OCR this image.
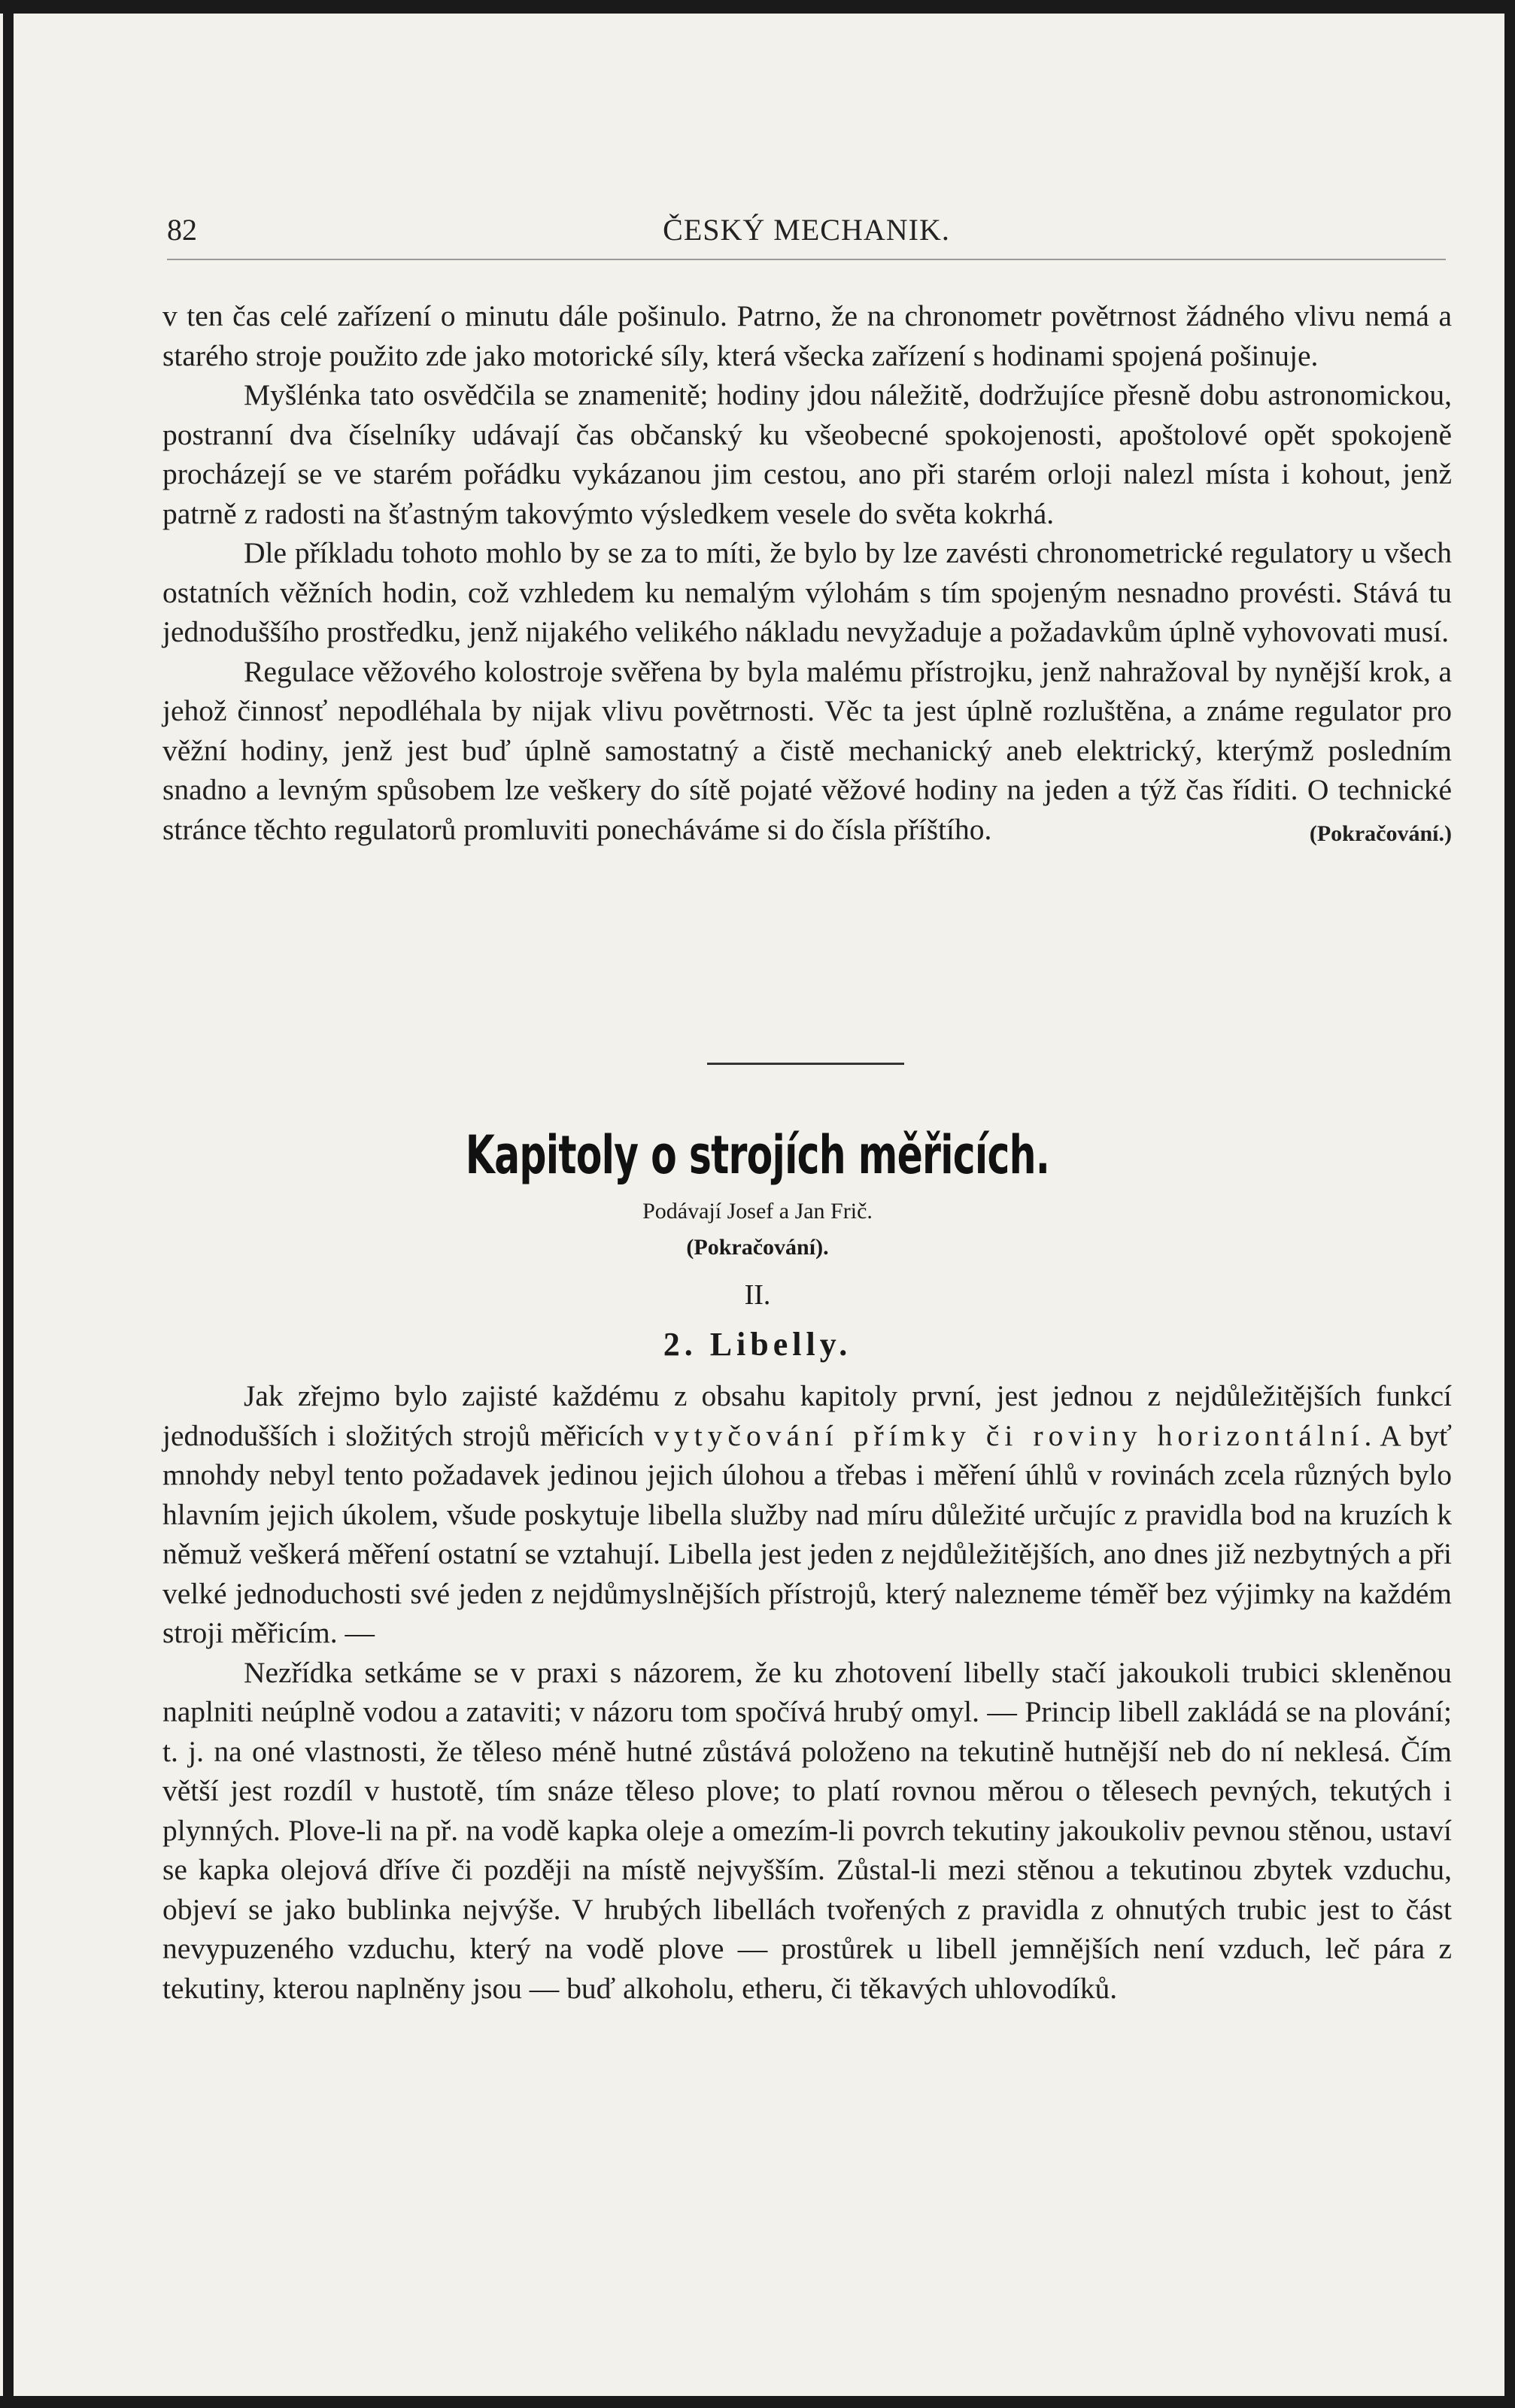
82	ČESKÝ MECHANIK.

v ten čas celé zařízení o minutu dále pošinulo. Patrno, že na chronometr povětrnost žádného vlivu nemá a starého stroje použito zde jako motorické síly, která všecka zařízení s hodinami spojená pošinuje.

Myšlénka tato osvědčila se znamenitě; hodiny jdou náležitě, dodržujíce přesně dobu astronomickou, postranní dva číselníky udávají čas občanský ku všeobecné spokojenosti, apoštolové opět spokojeně procházejí se ve starém pořádku vykázanou jim cestou, ano při starém orloji nalezl místa i kohout, jenž patrně z radosti na šťastným takovýmto výsledkem vesele do světa kokrhá.

Dle příkladu tohoto mohlo by se za to míti, že bylo by lze zavésti chronometrické regulatory u všech ostatních věžních hodin, což vzhledem ku nemalým výlohám s tím spojeným nesnadno provésti. Stává tu jednoduššího prostředku, jenž nijakého velikého nákladu nevyžaduje a požadavkům úplně vyhovovati musí.

Regulace věžového kolostroje svěřena by byla malému přístrojku, jenž nahražoval by nynější krok, a jehož činnosť nepodléhala by nijak vlivu povětrnosti. Věc ta jest úplně rozluštěna, a známe regulator pro věžní hodiny, jenž jest buď úplně samostatný a čistě mechanický aneb elektrický, kterýmž posledním snadno a levným spůsobem lze veškery do sítě pojaté věžové hodiny na jeden a týž čas říditi. O technické stránce těchto regulatorů promluviti ponecháváme si do čísla příštího.	(Pokračování.)

Kapitoly o strojích měřicích.
Podávají Josef a Jan Frič.
(Pokračování).
II.
2. Libelly.

Jak zřejmo bylo zajisté každému z obsahu kapitoly první, jest jednou z nejdůležitějších funkcí jednodušších i složitých strojů měřicích vytyčování přímky či roviny horizontální. A byť mnohdy nebyl tento požadavek jedinou jejich úlohou a třebas i měření úhlů v rovinách zcela různých bylo hlavním jejich úkolem, všude poskytuje libella služby nad míru důležité určujíc z pravidla bod na kruzích k němuž veškerá měření ostatní se vztahují. Libella jest jeden z nejdůležitějších, ano dnes již nezbytných a při velké jednoduchosti své jeden z nejdůmyslnějších přístrojů, který nalezneme téměř bez výjimky na každém stroji měřicím. —

Nezřídka setkáme se v praxi s názorem, že ku zhotovení libelly stačí jakoukoli trubici skleněnou naplniti neúplně vodou a zataviti; v názoru tom spočívá hrubý omyl. — Princip libell zakládá se na plování; t. j. na oné vlastnosti, že těleso méně hutné zůstává položeno na tekutině hutnější neb do ní neklesá. Čím větší jest rozdíl v hustotě, tím snáze těleso plove; to platí rovnou měrou o tělesech pevných, tekutých i plynných. Plove-li na př. na vodě kapka oleje a omezím-li povrch tekutiny jakoukoliv pevnou stěnou, ustaví se kapka olejová dříve či později na místě nejvyšším. Zůstal-li mezi stěnou a tekutinou zbytek vzduchu, objeví se jako bublinka nejvýše. V hrubých libellách tvořených z pravidla z ohnutých trubic jest to část nevypuzeného vzduchu, který na vodě plove — prostůrek u libell jemnějších není vzduch, leč pára z tekutiny, kterou naplněny jsou — buď alkoholu, etheru, či těkavých uhlovodíků.
